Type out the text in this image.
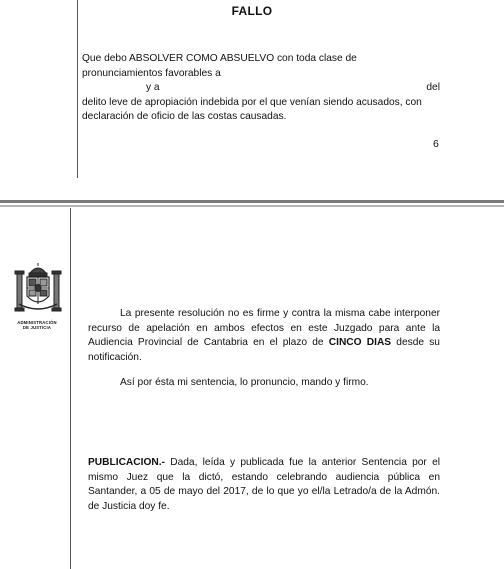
FALLO
Que debo ABSOLVER COMO ABSUELVO con toda clase de
pronunciamientos favorables a
y a	del
delito leve de apropiación indebida por el que venían siendo acusados, con
declaración de oficio de las costas causadas.
6
ADMINISTRACIÓN
DE JUSTICIA
La presente resolución no es firme y contra la misma cabe interponer recurso de apelación en ambos efectos en este Juzgado para ante la Audiencia Provincial de Cantabria en el plazo de CINCO DIAS desde su notificación.
Así por ésta mi sentencia, lo pronuncio, mando y firmo.
PUBLICACION.- Dada, leída y publicada fue la anterior Sentencia por el mismo Juez que la dictó, estando celebrando audiencia pública en Santander, a 05 de mayo del 2017, de lo que yo el/la Letrado/a de la Admón. de Justicia doy fe.
